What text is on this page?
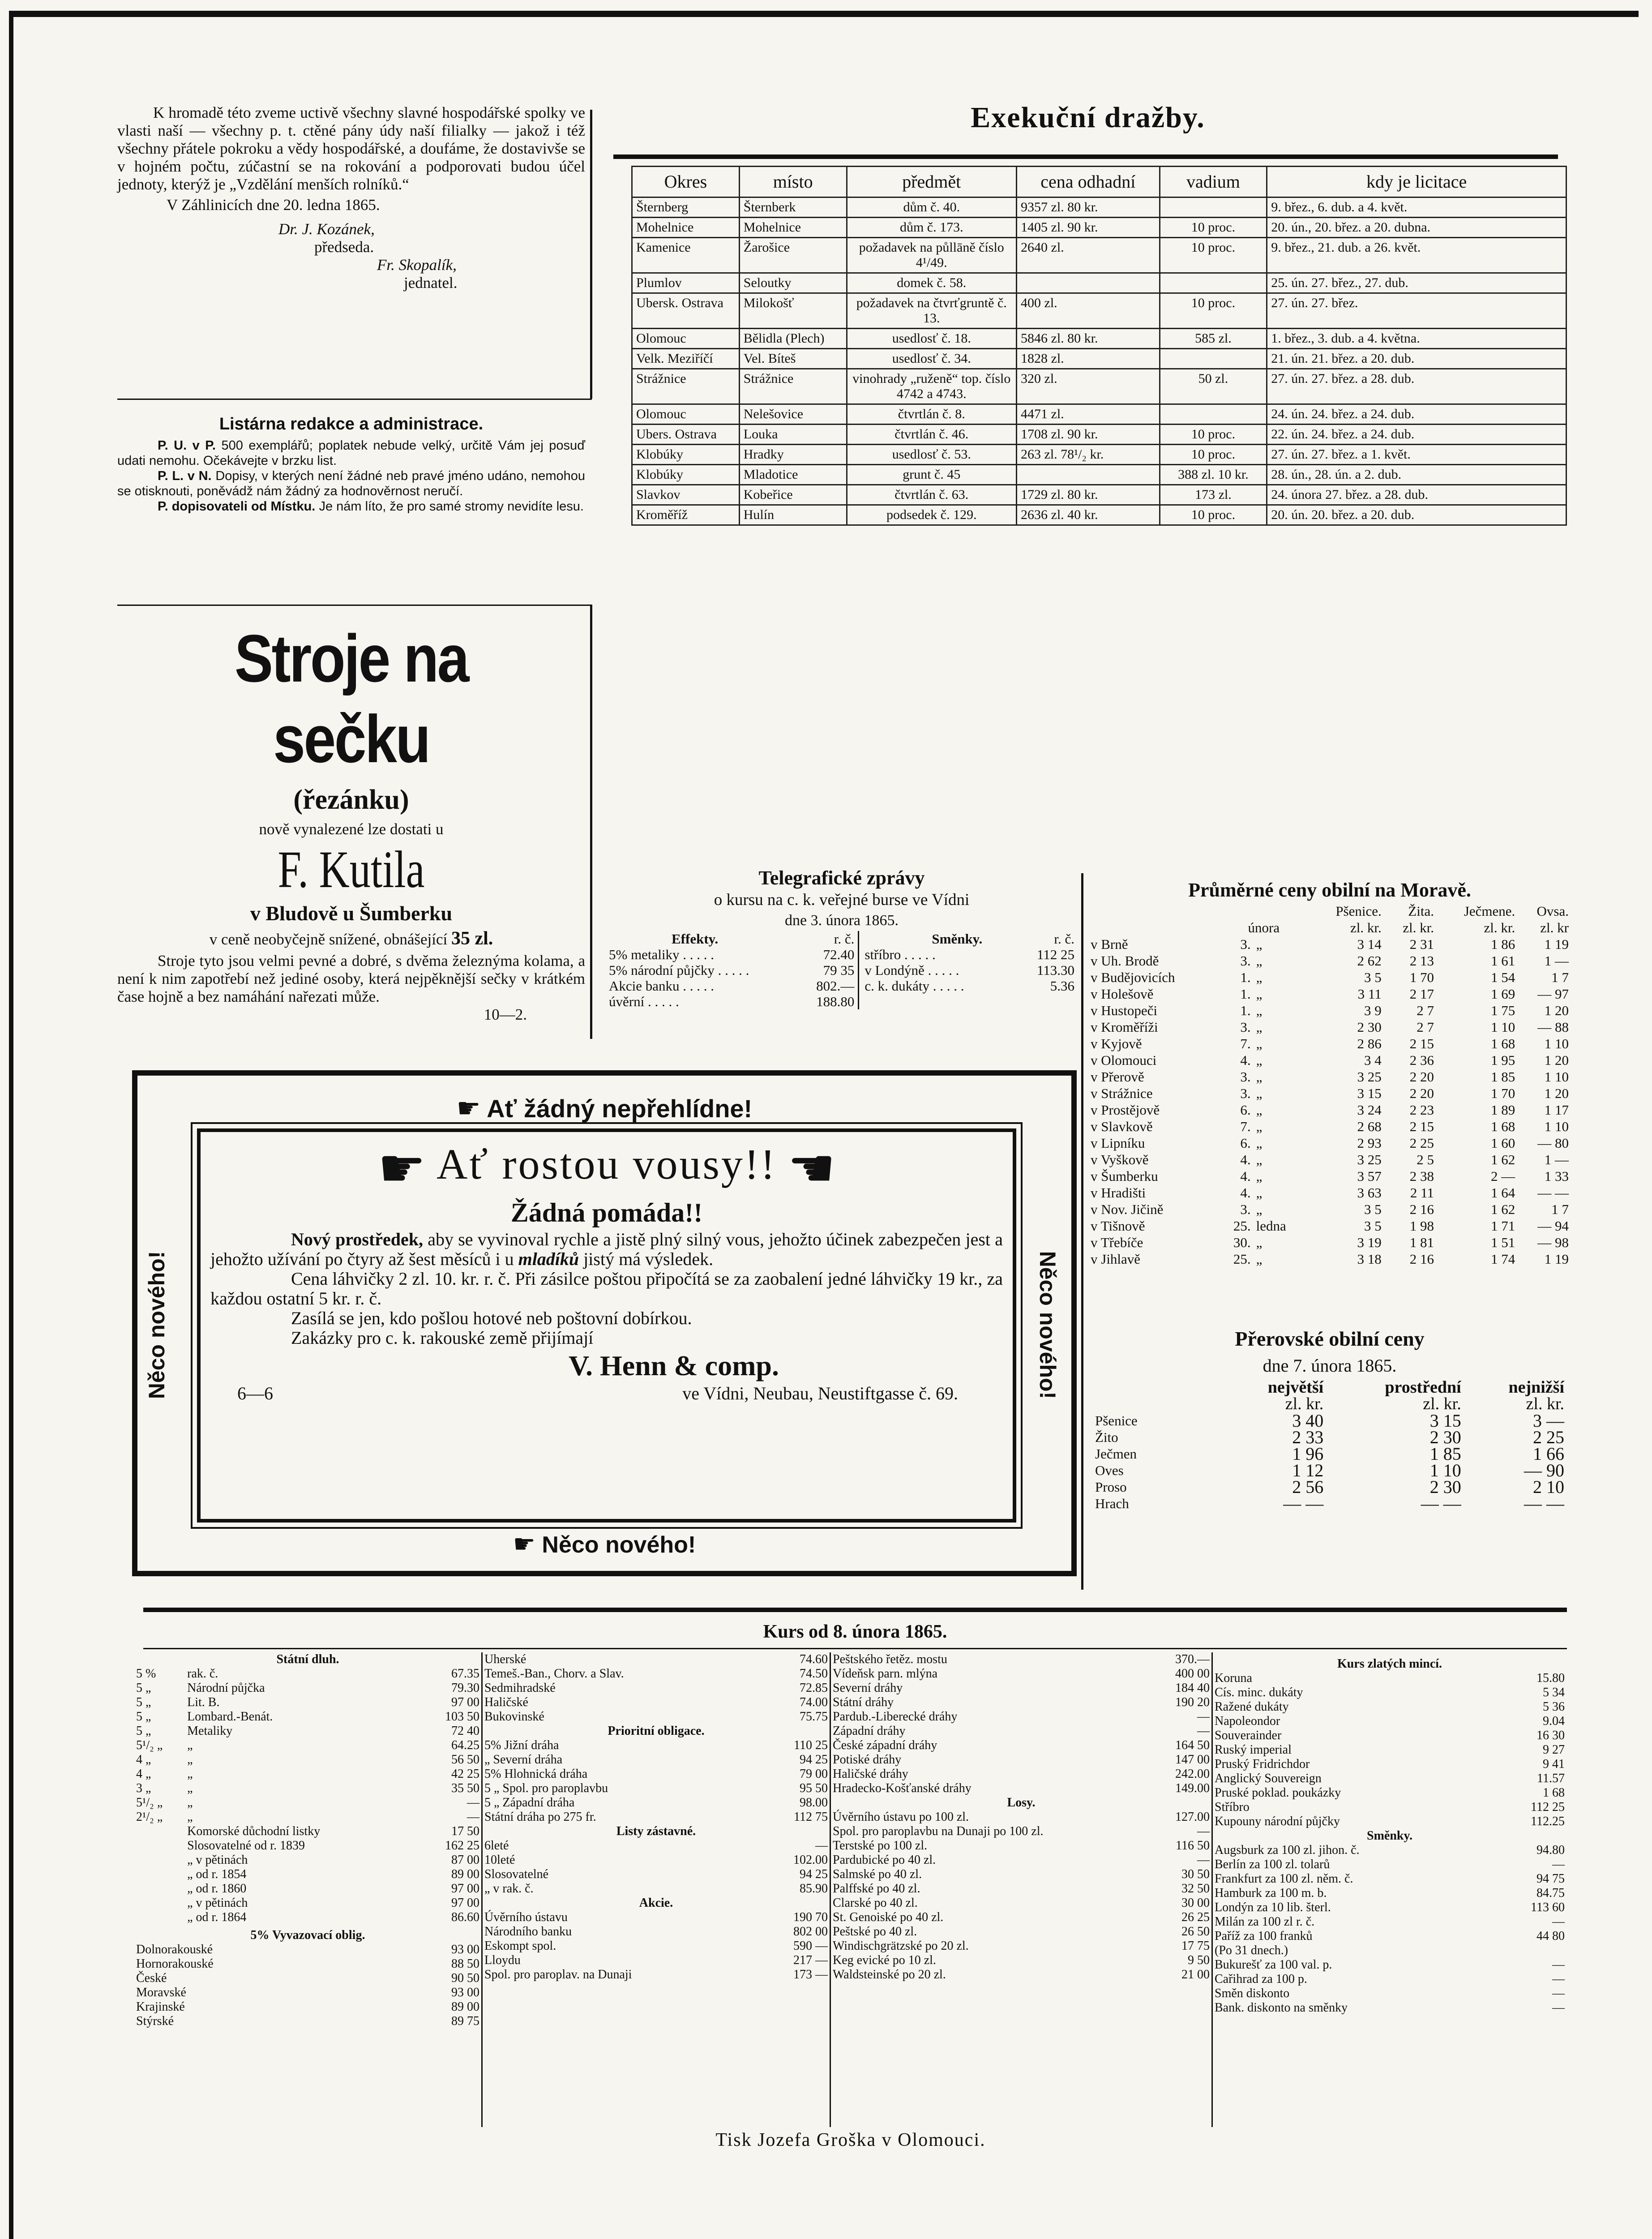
K hromadě této zveme uctivě všechny slavné hospodářské spolky ve vlasti naší — všechny p. t. ctěné pány údy naší filialky — jakož i též všechny přátele pokroku a vědy hospodářské, a doufáme, že dostavivše se v hojném počtu, zúčastní se na rokování a podporovati budou účel jednoty, kterýž je „Vzdělání menších rolníků.“

V Záhlinicích dne 20. ledna 1865.

Dr. J. Kozánek,

předseda.

Fr. Skopalík,

jednatel.

Listárna redakce a administrace.

P. U. v P. 500 exemplářů; poplatek nebude velký, určitě Vám jej posuď udati nemohu. Očekávejte v brzku list.

P. L. v N. Dopisy, v kterých není žádné neb pravé jméno udáno, nemohou se otisknouti, poněvádž nám žádný za hodnověrnost neručí.

P. dopisovateli od Místku. Je nám líto, že pro samé stromy nevidíte lesu.

Stroje na sečku

(řezánku)

nově vynalezené lze dostati u

F. Kutila

v Bludově u Šumberku

v ceně neobyčejně snížené, obnášející 35 zl.

Stroje tyto jsou velmi pevné a dobré, s dvěma železnýma kolama, a není k nim zapotřebí než jediné osoby, která nejpěknější sečky v krátkém čase hojně a bez namáhání nařezati může.

10—2.

Exekuční dražby.
Okres	místo	předmět	cena odhadní	vadium	kdy je licitace
Šternberg	Šternberk	dům č. 40.	9357 zl. 80 kr.		9. břez., 6. dub. a 4. květ.
Mohelnice	Mohelnice	dům č. 173.	1405 zl. 90 kr.	10 proc.	20. ún., 20. břez. a 20. dubna.
Kamenice	Žarošice	požadavek na půllāně číslo 4¹/49.	2640 zl.	10 proc.	9. břez., 21. dub. a 26. květ.
Plumlov	Seloutky	domek č. 58.			25. ún. 27. břez., 27. dub.
Ubersk. Ostrava	Milokošť	požadavek na čtvrťgruntě č. 13.	400 zl.	10 proc.	27. ún. 27. břez.
Olomouc	Bělidla (Plech)	usedlosť č. 18.	5846 zl. 80 kr.	585 zl.	1. břez., 3. dub. a 4. května.
Velk. Meziříčí	Vel. Bíteš	usedlosť č. 34.	1828 zl.		21. ún. 21. břez. a 20. dub.
Strážnice	Strážnice	vinohrady „ruženě“ top. číslo 4742 a 4743.	320 zl.	50 zl.	27. ún. 27. břez. a 28. dub.
Olomouc	Nelešovice	čtvrtlán č. 8.	4471 zl.		24. ún. 24. břez. a 24. dub.
Ubers. Ostrava	Louka	čtvrtlán č. 46.	1708 zl. 90 kr.	10 proc.	22. ún. 24. břez. a 24. dub.
Klobúky	Hradky	usedlosť č. 53.	263 zl. 78¹/₂ kr.	10 proc.	27. ún. 27. břez. a 1. květ.
Klobúky	Mladotice	grunt č. 45		388 zl. 10 kr.	28. ún., 28. ún. a 2. dub.
Slavkov	Kobeřice	čtvrtlán č. 63.	1729 zl. 80 kr.	173 zl.	24. února 27. břez. a 28. dub.
Kroměříž	Hulín	podsedek č. 129.	2636 zl. 40 kr.	10 proc.	20. ún. 20. břez. a 20. dub.

Telegrafické zprávy

o kursu na c. k. veřejné burse ve Vídni

dne 3. února 1865.

Effekty.	r. č.
5% metaliky . . . . .	72.40
5% národní půjčky . . . . .	79 35
Akcie banku . . . . .	802.—
úvěrní . . . . .	188.80
Směnky.	r. č.
stříbro . . . . .	112 25
v Londýně . . . . .	113.30
c. k. dukáty . . . . .	5.36

Průměrné ceny obilní na Moravě.

			Pšenice.	Žita.	Ječmene.	Ovsa.
	února		zl. kr.	zl. kr.	zl. kr.	zl. kr
v Brně	3.	„	3 14	2 31	1 86	1 19
v Uh. Brodě	3.	„	2 62	2 13	1 61	1 —
v Budějovicích	1.	„	3 5	1 70	1 54	1 7
v Holešově	1.	„	3 11	2 17	1 69	— 97
v Hustopeči	1.	„	3 9	2 7	1 75	1 20
v Kroměříži	3.	„	2 30	2 7	1 10	— 88
v Kyjově	7.	„	2 86	2 15	1 68	1 10
v Olomouci	4.	„	3 4	2 36	1 95	1 20
v Přerově	3.	„	3 25	2 20	1 85	1 10
v Strážnice	3.	„	3 15	2 20	1 70	1 20
v Prostějově	6.	„	3 24	2 23	1 89	1 17
v Slavkově	7.	„	2 68	2 15	1 68	1 10
v Lipníku	6.	„	2 93	2 25	1 60	— 80
v Vyškově	4.	„	3 25	2 5	1 62	1 —
v Šumberku	4.	„	3 57	2 38	2 —	1 33
v Hradišti	4.	„	3 63	2 11	1 64	— —
v Nov. Jičině	3.	„	3 5	2 16	1 62	1 7
v Tišnově	25.	ledna	3 5	1 98	1 71	— 94
v Třebíče	30.	„	3 19	1 81	1 51	— 98
v Jihlavě	25.	„	3 18	2 16	1 74	1 19

Přerovské obilní ceny

dne 7. února 1865.

	největší	prostřední	nejnižší
	zl. kr.	zl. kr.	zl. kr.
Pšenice	3 40	3 15	3 —
Žito	2 33	2 30	2 25
Ječmen	1 96	1 85	1 66
Oves	1 12	1 10	— 90
Proso	2 56	2 30	2 10
Hrach	— —	— —	— —
☛ Ať žádný nepřehlídne!
Něco nového!	Něco nového!
☛ Něco nového!
☛ Ať rostou vousy!! ☛

Žádná pomáda!!

Nový prostředek, aby se vyvinoval rychle a jistě plný silný vous, jehožto účinek zabezpečen jest a jehožto užívání po čtyry až šest měsíců i u mladíků jistý má výsledek.

Cena láhvičky 2 zl. 10. kr. r. č. Při zásilce poštou připočítá se za zaobalení jedné láhvičky 19 kr., za každou ostatní 5 kr. r. č.

Zasílá se jen, kdo pošlou hotové neb poštovní dobírkou.

Zakázky pro c. k. rakouské země přijímají

V. Henn & comp.

6—6	ve Vídni, Neubau, Neustiftgasse č. 69.
Kurs od 8. února 1865.
Státní dluh.		
5 %	rak. č.	67.35
5 „	Národní půjčka	79.30
5 „	Lit. B.	97 00
5 „	Lombard.-Benát.	103 50
5 „	Metaliky	72 40
5¹/₂ „	„	64.25
4 „	„	56 50
4 „	„	42 25
3 „	„	35 50
5¹/₂ „	„	—
2¹/₂ „	„	—
	Komorské důchodní listky	17 50
	Slosovatelné od r. 1839	162 25
	„ v pětinách	87 00
	„ od r. 1854	89 00
	„ od r. 1860	97 00
	„ v pětinách	97 00
	„ od r. 1864	86.60
5% Vyvazovací oblig.		
Dolnorakouské		93 00
Hornorakouské		88 50
České		90 50
Moravské		93 00
Krajinské		89 00
Stýrské		89 75
Uherské	74.60
Temeš.-Ban., Chorv. a Slav.	74.50
Sedmihradské	72.85
Haličské	74.00
Bukovinské	75.75
Prioritní obligace.	
5% Jižní dráha	110 25
„ Severní dráha	94 25
5% Hlohnická dráha	79 00
5 „ Spol. pro paroplavbu	95 50
5 „ Západní dráha	98.00
Státní dráha po 275 fr.	112 75
Listy zástavné.	
6leté	—
10leté	102.00
Slosovatelné	94 25
„ v rak. č.	85.90
Akcie.	
Úvěrního ústavu	190 70
Národního banku	802 00
Eskompt spol.	590 —
Lloydu	217 —
Spol. pro paroplav. na Dunaji	173 —
Peštského řetěz. mostu	370.—
Vídeňsk parn. mlýna	400 00
Severní dráhy	184 40
Státní dráhy	190 20
Pardub.-Liberecké dráhy	—
Západní dráhy	—
České západní dráhy	164 50
Potiské dráhy	147 00
Haličské dráhy	242.00
Hradecko-Košťanské dráhy	149.00
Losy.	
Úvěrního ústavu po 100 zl.	127.00
Spol. pro paroplavbu na Dunaji po 100 zl.	—
Terstské po 100 zl.	116 50
Pardubické po 40 zl.	—
Salmské po 40 zl.	30 50
Palffské po 40 zl.	32 50
Clarské po 40 zl.	30 00
St. Genoiské po 40 zl.	26 25
Peštské po 40 zl.	26 50
Windischgrätzské po 20 zl.	17 75
Keg evické po 10 zl.	9 50
Waldsteinské po 20 zl.	21 00
Kurs zlatých mincí.	
Koruna	15.80
Cís. minc. dukáty	5 34
Ražené dukáty	5 36
Napoleondor	9.04
Souverainder	16 30
Ruský imperial	9 27
Pruský Fridrichdor	9 41
Anglický Souvereign	11.57
Pruské poklad. poukázky	1 68
Stříbro	112 25
Kupouny národní půjčky	112.25
Směnky.	
Augsburk za 100 zl. jihon. č.	94.80
Berlín za 100 zl. tolarů	—
Frankfurt za 100 zl. něm. č.	94 75
Hamburk za 100 m. b.	84.75
Londýn za 10 lib. šterl.	113 60
Milán za 100 zl r. č.	—
Paříž za 100 franků	44 80
(Po 31 dnech.)	
Bukurešť za 100 val. p.	—
Cařihrad za 100 p.	—
Směn diskonto	—
Bank. diskonto na směnky	—
Tisk Jozefa Groška v Olomouci.
